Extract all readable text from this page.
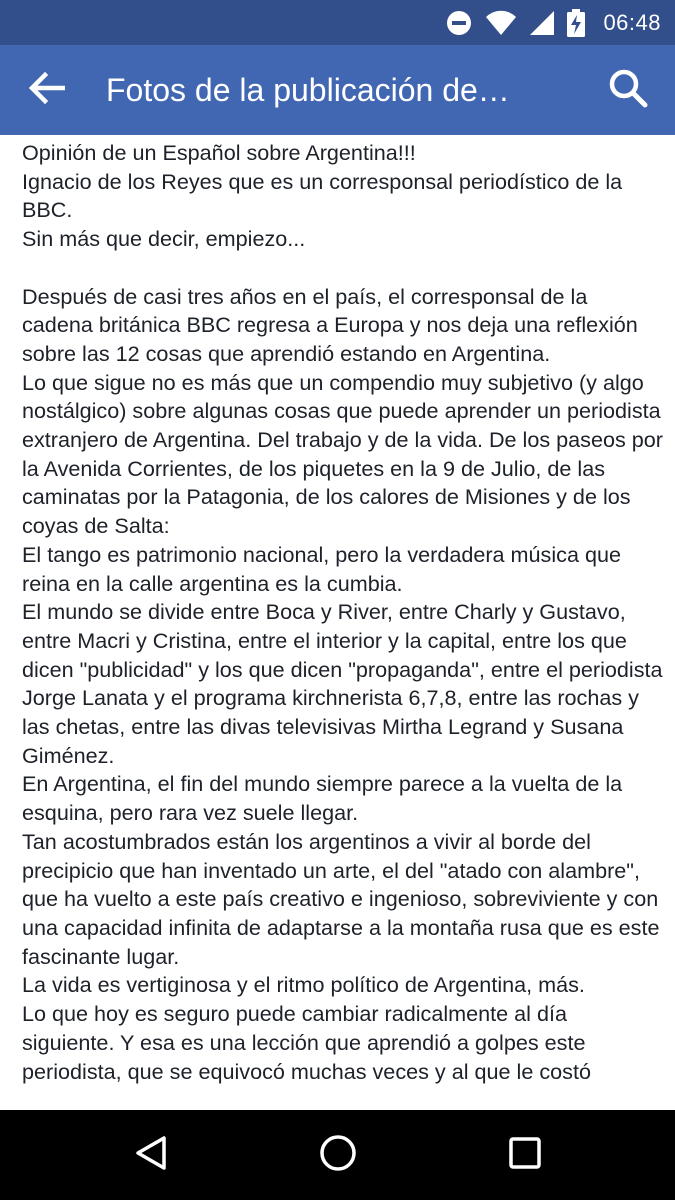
06:48
Fotos de la publicación de…

Opinión de un Español sobre Argentina!!!
Ignacio de los Reyes que es un corresponsal periodístico de la BBC.
Sin más que decir, empiezo...

Después de casi tres años en el país, el corresponsal de la cadena británica BBC regresa a Europa y nos deja una reflexión sobre las 12 cosas que aprendió estando en Argentina.
Lo que sigue no es más que un compendio muy subjetivo (y algo nostálgico) sobre algunas cosas que puede aprender un periodista extranjero de Argentina. Del trabajo y de la vida. De los paseos por la Avenida Corrientes, de los piquetes en la 9 de Julio, de las caminatas por la Patagonia, de los calores de Misiones y de los coyas de Salta:
El tango es patrimonio nacional, pero la verdadera música que reina en la calle argentina es la cumbia.
El mundo se divide entre Boca y River, entre Charly y Gustavo, entre Macri y Cristina, entre el interior y la capital, entre los que dicen "publicidad" y los que dicen "propaganda", entre el periodista Jorge Lanata y el programa kirchnerista 6,7,8, entre las rochas y las chetas, entre las divas televisivas Mirtha Legrand y Susana Giménez.
En Argentina, el fin del mundo siempre parece a la vuelta de la esquina, pero rara vez suele llegar.
Tan acostumbrados están los argentinos a vivir al borde del precipicio que han inventado un arte, el del "atado con alambre", que ha vuelto a este país creativo e ingenioso, sobreviviente y con una capacidad infinita de adaptarse a la montaña rusa que es este fascinante lugar.
La vida es vertiginosa y el ritmo político de Argentina, más.
Lo que hoy es seguro puede cambiar radicalmente al día siguiente. Y esa es una lección que aprendió a golpes este periodista, que se equivocó muchas veces y al que le costó
